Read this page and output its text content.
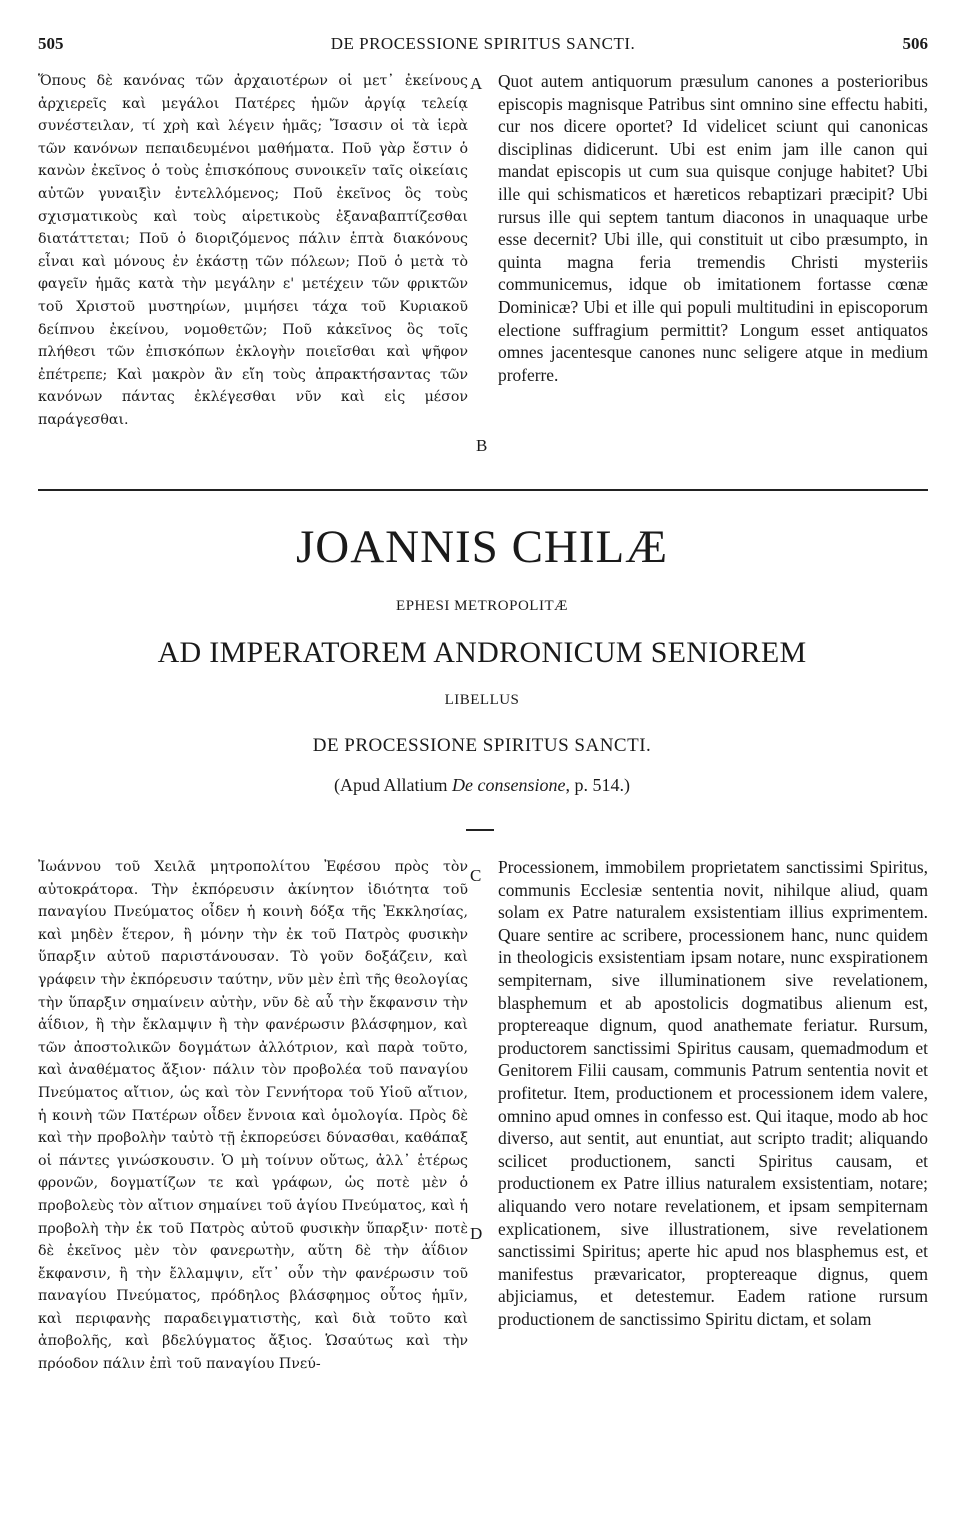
505	DE PROCESSIONE SPIRITUS SANCTI.	506

Ὅπους δὲ κανόνας τῶν ἀρχαιοτέρων οἱ μετ᾽ ἐκείνους ἀρχιερεῖς καὶ μεγάλοι Πατέρες ἡμῶν ἀργίᾳ τελείᾳ συνέστειλαν, τί χρὴ καὶ λέγειν ἡμᾶς; Ἴσασιν οἱ τὰ ἱερὰ τῶν κανόνων πεπαιδευμένοι μαθήματα. Ποῦ γὰρ ἔστιν ὁ κανὼν ἐκεῖνος ὁ τοὺς ἐπισκόπους συνοικεῖν ταῖς οἰκείαις αὐτῶν γυναιξὶν ἐντελλόμενος; Ποῦ ἐκεῖνος ὃς τοὺς σχισματικοὺς καὶ τοὺς αἱρετικοὺς ἐξαναβαπτίζεσθαι διατάττεται; Ποῦ ὁ διοριζόμενος πάλιν ἑπτὰ διακόνους εἶναι καὶ μόνους ἐν ἑκάστῃ τῶν πόλεων; Ποῦ ὁ μετὰ τὸ φαγεῖν ἡμᾶς κατὰ τὴν μεγάλην ε' μετέχειν τῶν φρικτῶν τοῦ Χριστοῦ μυστηρίων, μιμήσει τάχα τοῦ Κυριακοῦ δείπνου ἐκείνου, νομοθετῶν; Ποῦ κἀκεῖνος ὃς τοῖς πλήθεσι τῶν ἐπισκόπων ἐκλογὴν ποιεῖσθαι καὶ ψῆφον ἐπέτρεπε; Καὶ μακρὸν ἂν εἴη τοὺς ἀπρακτήσαντας τῶν κανόνων πάντας ἐκλέγεσθαι νῦν καὶ εἰς μέσον παράγεσθαι.

A
B

Quot autem antiquorum præsulum canones a posterioribus episcopis magnisque Patribus sint omnino sine effectu habiti, cur nos dicere oportet? Id videlicet sciunt qui canonicas disciplinas didicerunt. Ubi est enim jam ille canon qui mandat episcopis ut cum sua quisque conjuge habitet? Ubi ille qui schismaticos et hæreticos rebaptizari præcipit? Ubi rursus ille qui septem tantum diaconos in unaquaque urbe esse decernit? Ubi ille, qui constituit ut cibo præsumpto, in quinta magna feria tremendis Christi mysteriis communicemus, idque ob imitationem fortasse cœnæ Dominicæ? Ubi et ille qui populi multitudini in episcoporum electione suffragium permittit? Longum esset antiquatos omnes jacentesque canones nunc seligere atque in medium proferre.

JOANNIS CHILÆ
EPHESI METROPOLITÆ
AD IMPERATOREM ANDRONICUM SENIOREM
LIBELLUS
DE PROCESSIONE SPIRITUS SANCTI.
(Apud Allatium De consensione, p. 514.)

Ἰωάννου τοῦ Χειλᾶ μητροπολίτου Ἐφέσου πρὸς τὸν αὐτοκράτορα. Τὴν ἐκπόρευσιν ἀκίνητον ἰδιότητα τοῦ παναγίου Πνεύματος οἶδεν ἡ κοινὴ δόξα τῆς Ἐκκλησίας, καὶ μηδὲν ἕτερον, ἢ μόνην τὴν ἐκ τοῦ Πατρὸς φυσικὴν ὕπαρξιν αὐτοῦ παριστάνουσαν. Τὸ γοῦν δοξάζειν, καὶ γράφειν τὴν ἐκπόρευσιν ταύτην, νῦν μὲν ἐπὶ τῆς θεολογίας τὴν ὕπαρξιν σημαίνειν αὐτὴν, νῦν δὲ αὖ τὴν ἔκφανσιν τὴν ἀΐδιον, ἢ τὴν ἔκλαμψιν ἢ τὴν φανέρωσιν βλάσφημον, καὶ τῶν ἀποστολικῶν δογμάτων ἀλλότριον, καὶ παρὰ τοῦτο, καὶ ἀναθέματος ἄξιον· πάλιν τὸν προβολέα τοῦ παναγίου Πνεύματος αἴτιον, ὡς καὶ τὸν Γεννήτορα τοῦ Υἱοῦ αἴτιον, ἡ κοινὴ τῶν Πατέρων οἶδεν ἔννοια καὶ ὁμολογία. Πρὸς δὲ καὶ τὴν προβολὴν ταὐτὸ τῇ ἐκπορεύσει δύνασθαι, καθάπαξ οἱ πάντες γινώσκουσιν. Ὁ μὴ τοίνυν οὕτως, ἀλλ᾽ ἑτέρως φρονῶν, δογματίζων τε καὶ γράφων, ὡς ποτὲ μὲν ὁ προβολεὺς τὸν αἴτιον σημαίνει τοῦ ἁγίου Πνεύματος, καὶ ἡ προβολὴ τὴν ἐκ τοῦ Πατρὸς αὐτοῦ φυσικὴν ὕπαρξιν· ποτὲ δὲ ἐκεῖνος μὲν τὸν φανερωτὴν, αὕτη δὲ τὴν ἀΐδιον ἔκφανσιν, ἢ τὴν ἔλλαμψιν, εἴτ᾽ οὖν τὴν φανέρωσιν τοῦ παναγίου Πνεύματος, πρόδηλος βλάσφημος οὗτος ἡμῖν, καὶ περιφανὴς παραδειγματιστὴς, καὶ διὰ τοῦτο καὶ ἀποβολῆς, καὶ βδελύγματος ἄξιος. Ὡσαύτως καὶ τὴν πρόοδον πάλιν ἐπὶ τοῦ παναγίου Πνεύ-

C
D

Processionem, immobilem proprietatem sanctissimi Spiritus, communis Ecclesiæ sententia novit, nihilque aliud, quam solam ex Patre naturalem exsistentiam illius exprimentem. Quare sentire ac scribere, processionem hanc, nunc quidem in theologicis exsistentiam ipsam notare, nunc exspirationem sempiternam, sive illuminationem sive revelationem, blasphemum et ab apostolicis dogmatibus alienum est, proptereaque dignum, quod anathemate feriatur. Rursum, productorem sanctissimi Spiritus causam, quemadmodum et Genitorem Filii causam, communis Patrum sententia novit et profitetur. Item, productionem et processionem idem valere, omnino apud omnes in confesso est. Qui itaque, modo ab hoc diverso, aut sentit, aut enuntiat, aut scripto tradit; aliquando scilicet productionem, sancti Spiritus causam, et productionem ex Patre illius naturalem exsistentiam, notare; aliquando vero notare revelationem, et ipsam sempiternam explicationem, sive illustrationem, sive revelationem sanctissimi Spiritus; aperte hic apud nos blasphemus est, et manifestus prævaricator, proptereaque dignus, quem abjiciamus, et detestemur. Eadem ratione rursum productionem de sanctissimo Spiritu dictam, et solam
